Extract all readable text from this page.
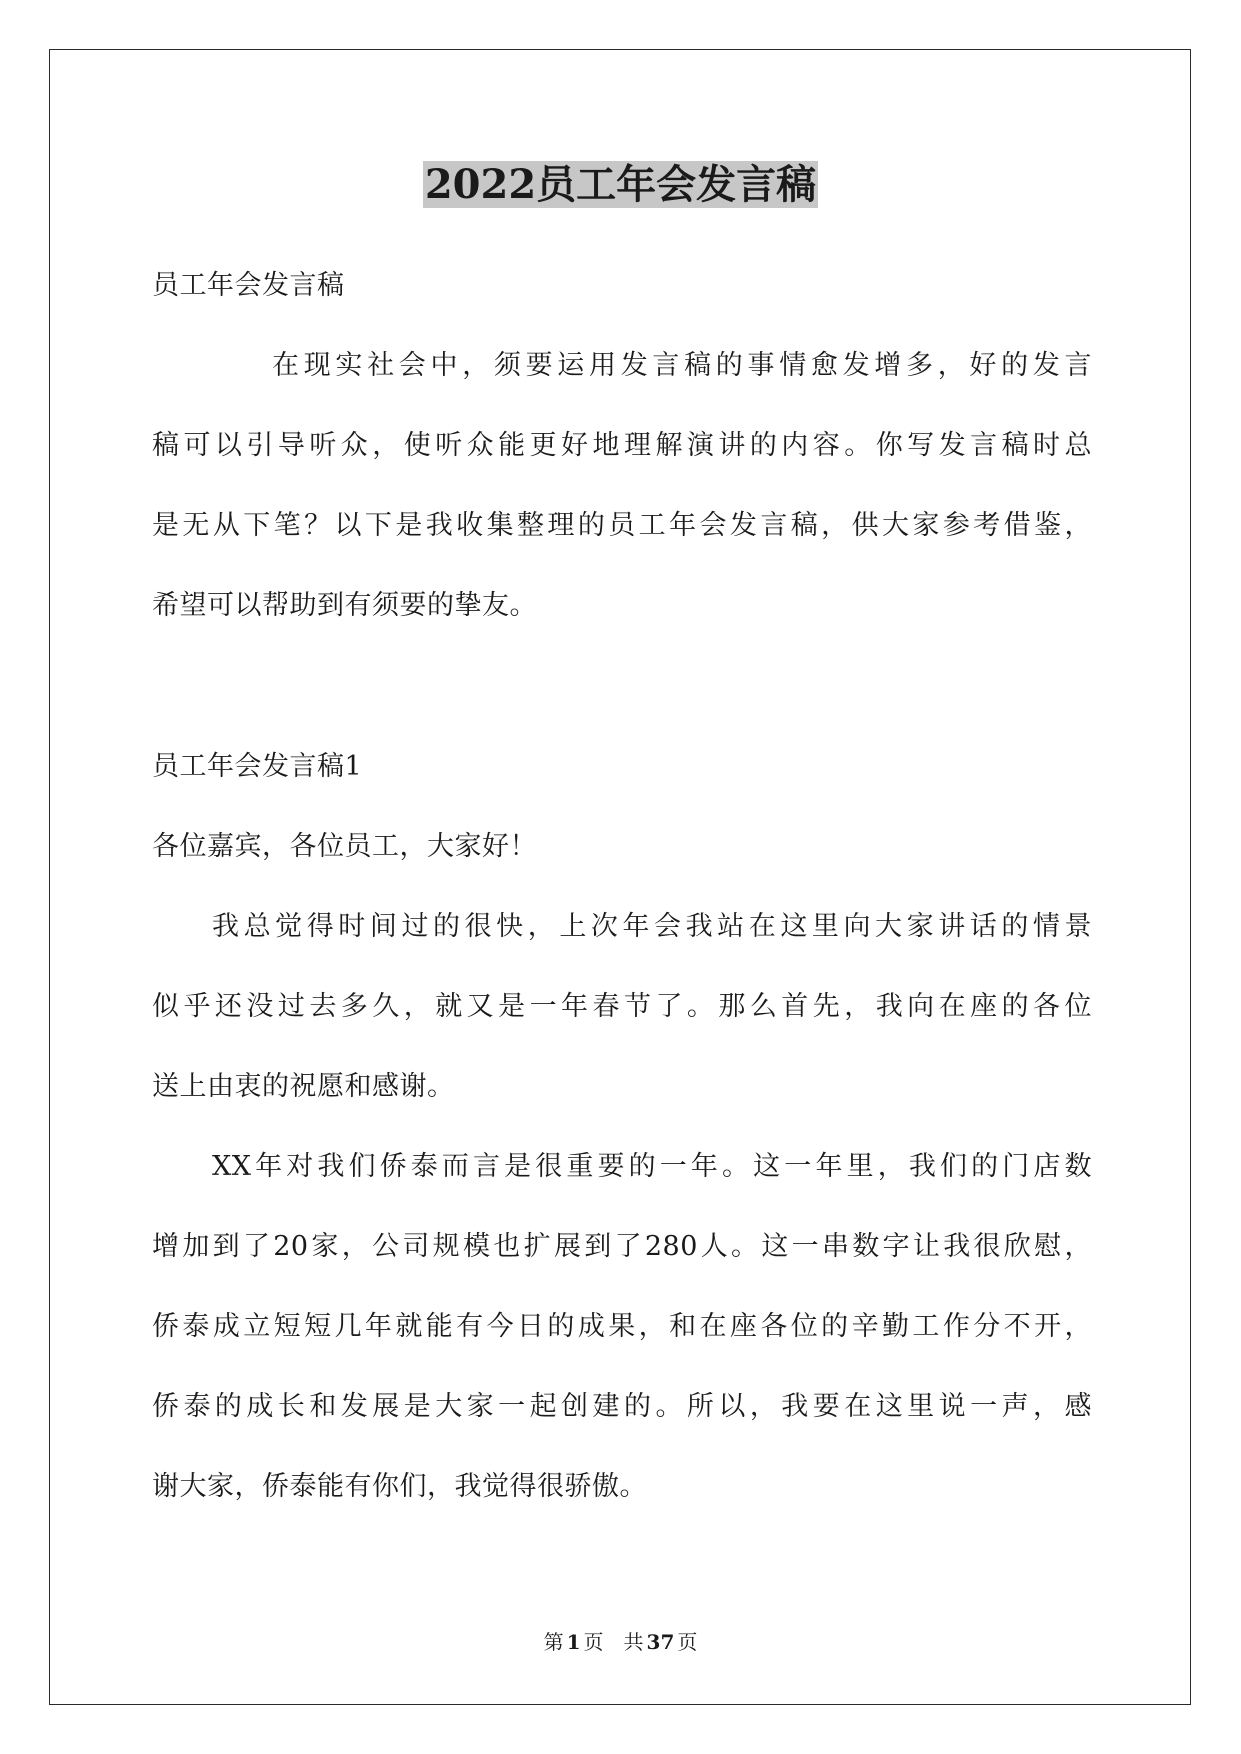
2022员工年会发言稿
员工年会发言稿
在现实社会中，须要运用发言稿的事情愈发增多，好的发言
稿可以引导听众，使听众能更好地理解演讲的内容。你写发言稿时总
是无从下笔？以下是我收集整理的员工年会发言稿，供大家参考借鉴，
希望可以帮助到有须要的挚友。
员工年会发言稿1
各位嘉宾，各位员工，大家好！
我总觉得时间过的很快，上次年会我站在这里向大家讲话的情景
似乎还没过去多久，就又是一年春节了。那么首先，我向在座的各位
送上由衷的祝愿和感谢。
XX年对我们侨泰而言是很重要的一年。这一年里，我们的门店数
增加到了20家，公司规模也扩展到了280人。这一串数字让我很欣慰，
侨泰成立短短几年就能有今日的成果，和在座各位的辛勤工作分不开，
侨泰的成长和发展是大家一起创建的。所以，我要在这里说一声，感
谢大家，侨泰能有你们，我觉得很骄傲。
第 1 页 共 37 页
